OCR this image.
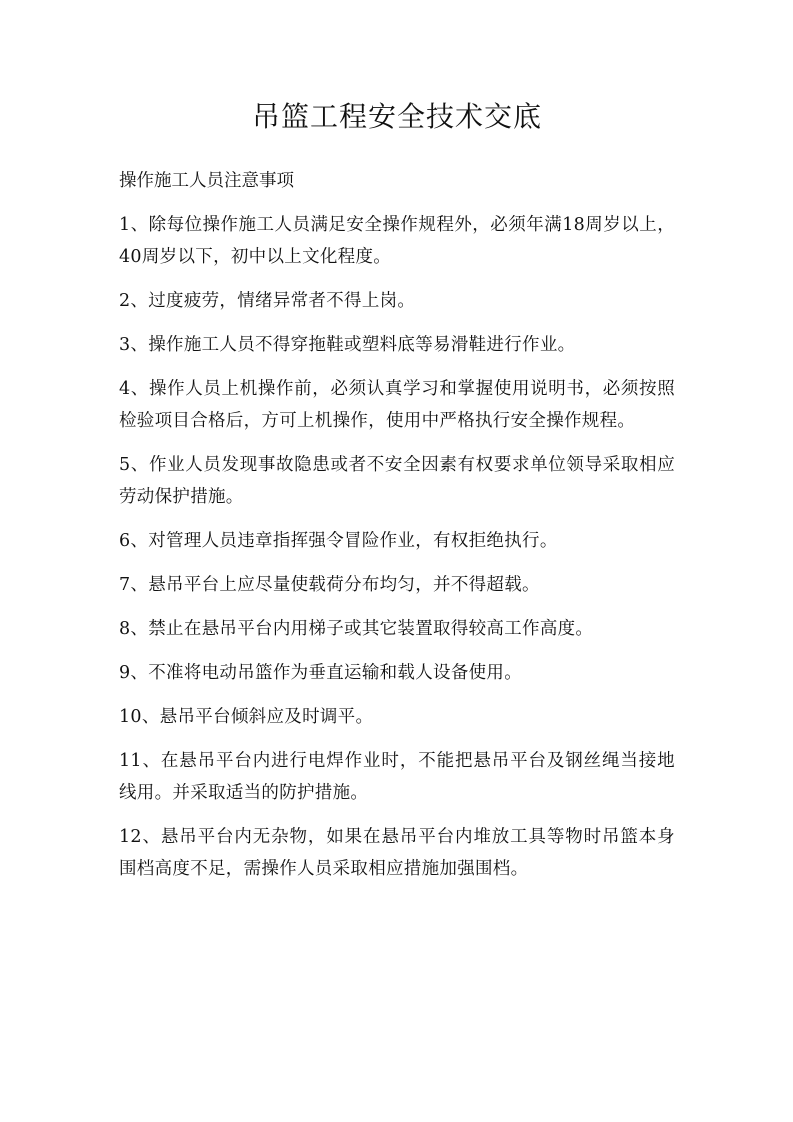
吊篮工程安全技术交底

操作施工人员注意事项

1、除每位操作施工人员满足安全操作规程外，必须年满18周岁以上，40周岁以下，初中以上文化程度。
2、过度疲劳，情绪异常者不得上岗。
3、操作施工人员不得穿拖鞋或塑料底等易滑鞋进行作业。
4、操作人员上机操作前，必须认真学习和掌握使用说明书，必须按照检验项目合格后，方可上机操作，使用中严格执行安全操作规程。
5、作业人员发现事故隐患或者不安全因素有权要求单位领导采取相应劳动保护措施。
6、对管理人员违章指挥强令冒险作业，有权拒绝执行。
7、悬吊平台上应尽量使载荷分布均匀，并不得超载。
8、禁止在悬吊平台内用梯子或其它装置取得较高工作高度。
9、不准将电动吊篮作为垂直运输和载人设备使用。
10、悬吊平台倾斜应及时调平。
11、在悬吊平台内进行电焊作业时，不能把悬吊平台及钢丝绳当接地线用。并采取适当的防护措施。
12、悬吊平台内无杂物，如果在悬吊平台内堆放工具等物时吊篮本身围档高度不足，需操作人员采取相应措施加强围档。
